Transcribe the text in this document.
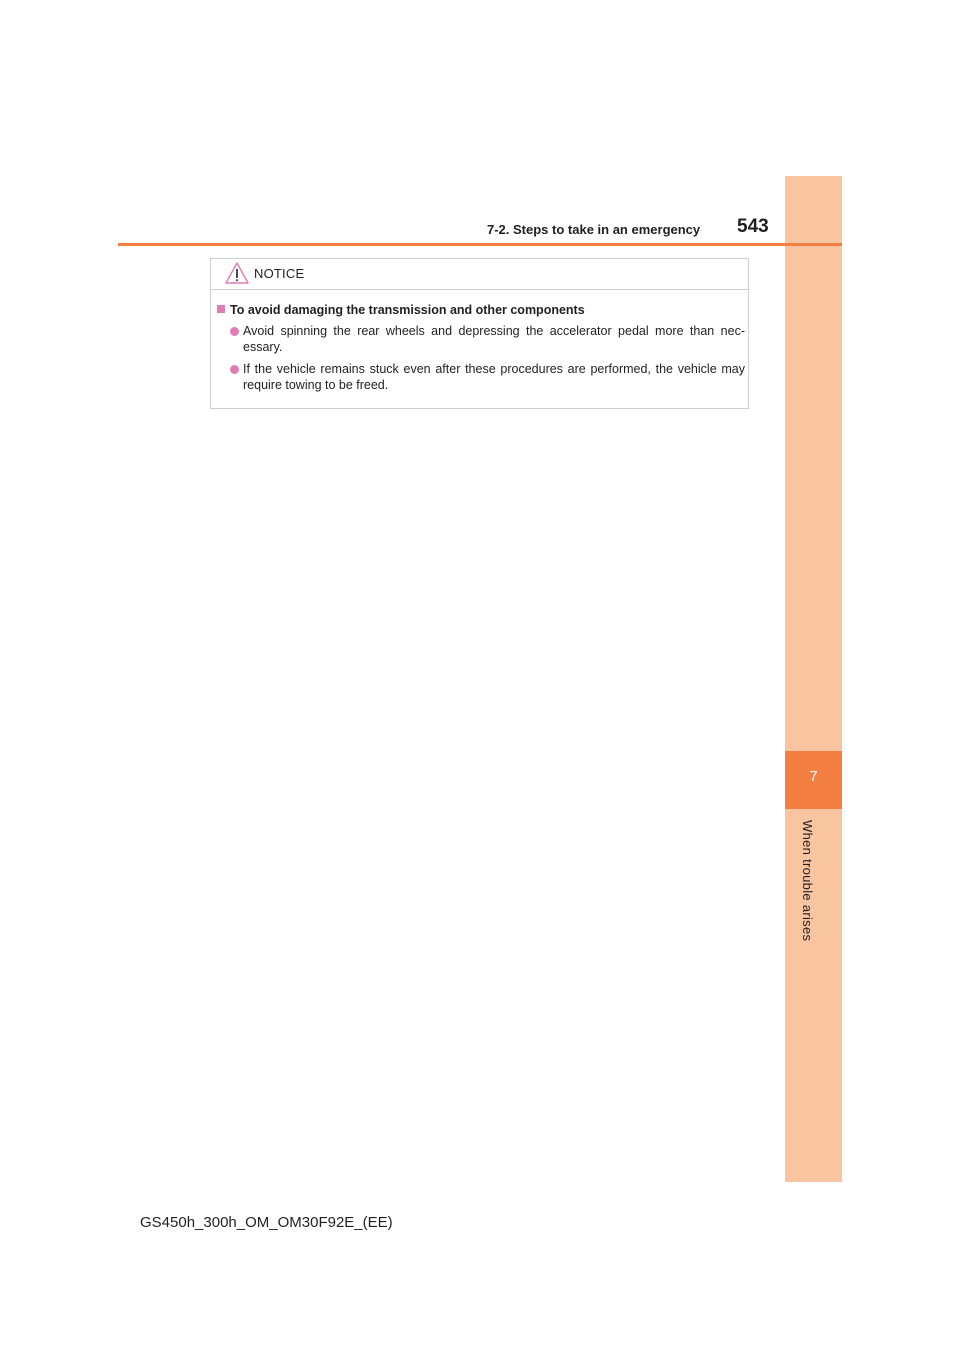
7
When trouble arises
7-2. Steps to take in an emergency 543
NOTICE
To avoid damaging the transmission and other components
Avoid spinning the rear wheels and depressing the accelerator pedal more than nec-essary.
If the vehicle remains stuck even after these procedures are performed, the vehicle may require towing to be freed.
GS450h_300h_OM_OM30F92E_(EE)
